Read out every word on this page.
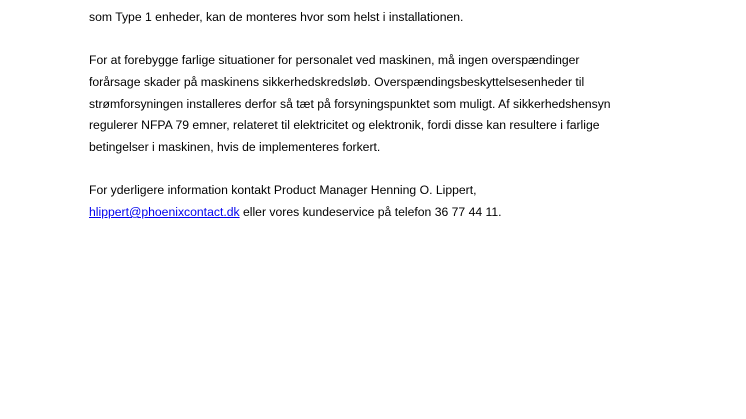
som Type 1 enheder, kan de monteres hvor som helst i installationen.
For at forebygge farlige situationer for personalet ved maskinen, må ingen overspændinger
forårsage skader på maskinens sikkerhedskredsløb. Overspændingsbeskyttelsesenheder til
strømforsyningen installeres derfor så tæt på forsyningspunktet som muligt. Af sikkerhedshensyn
regulerer NFPA 79 emner, relateret til elektricitet og elektronik, fordi disse kan resultere i farlige
betingelser i maskinen, hvis de implementeres forkert.
For yderligere information kontakt Product Manager Henning O. Lippert,
hlippert@phoenixcontact.dk eller vores kundeservice på telefon 36 77 44 11.
